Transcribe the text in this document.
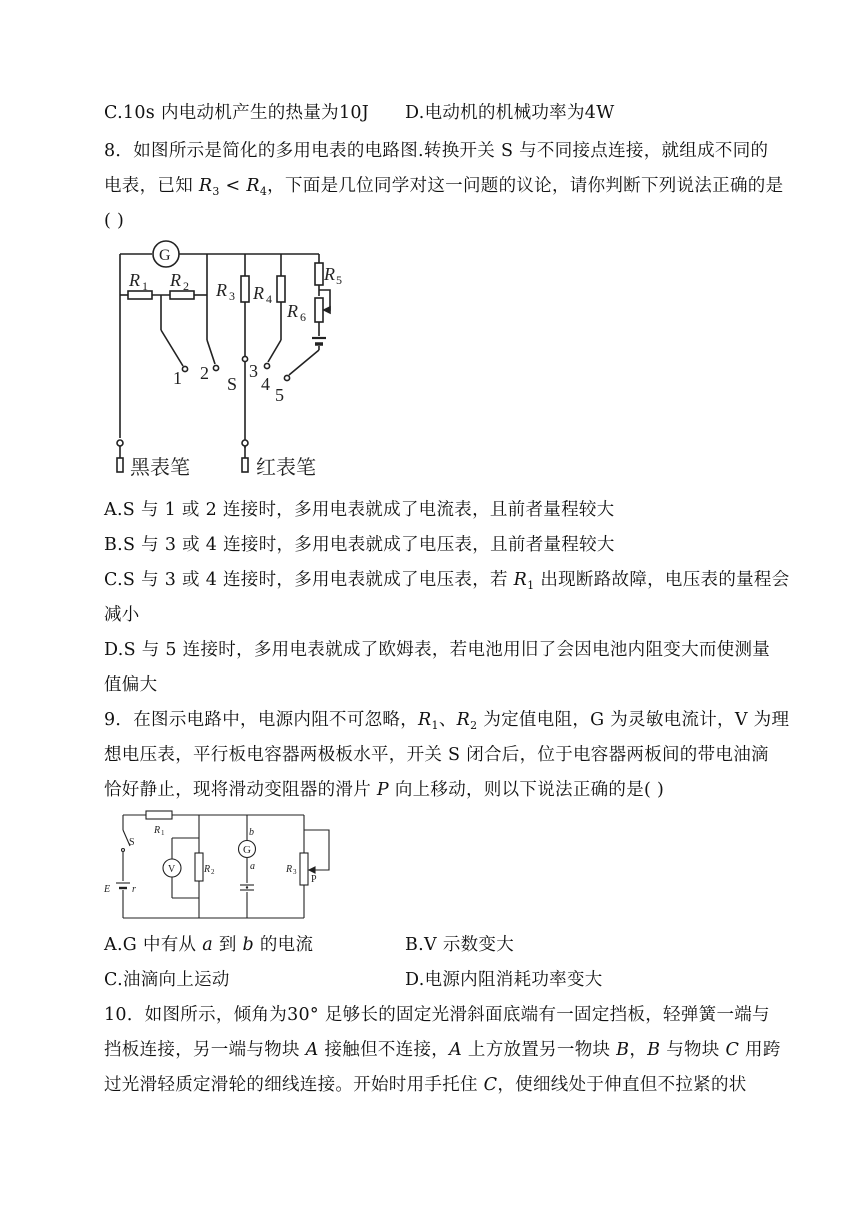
C.10s 内电动机产生的热量为10J D.电动机的机械功率为4W
8．如图所示是简化的多用电表的电路图.转换开关 S 与不同接点连接，就组成不同的
电表，已知 $R_3 < R_4$，下面是几位同学对这一问题的议论，请你判断下列说法正确的是
( )
G
R 1 R 2 R 3 R 4
R 5
R 6
1 2
S
3
4
5
黑表笔	红表笔
A.S 与 1 或 2 连接时，多用电表就成了电流表，且前者量程较大
B.S 与 3 或 4 连接时，多用电表就成了电压表，且前者量程较大
C.S 与 3 或 4 连接时，多用电表就成了电压表，若 $R_1$ 出现断路故障，电压表的量程会
减小
D.S 与 5 连接时，多用电表就成了欧姆表，若电池用旧了会因电池内阻变大而使测量
值偏大
9．在图示电路中，电源内阻不可忽略，$R_1$、$R_2$ 为定值电阻，G 为灵敏电流计，V 为理
想电压表，平行板电容器两极板水平，开关 S 闭合后，位于电容器两板间的带电油滴
恰好静止，现将滑动变阻器的滑片 P 向上移动，则以下说法正确的是( )
R 1
S
V	R 2
b
G
a	R 3
P
E r
A.G 中有从 a 到 b 的电流	B.V 示数变大
C.油滴向上运动	D.电源内阻消耗功率变大
10．如图所示，倾角为30° 足够长的固定光滑斜面底端有一固定挡板，轻弹簧一端与
挡板连接，另一端与物块 A 接触但不连接，A 上方放置另一物块 B，B 与物块 C 用跨
过光滑轻质定滑轮的细线连接。开始时用手托住 C，使细线处于伸直但不拉紧的状
